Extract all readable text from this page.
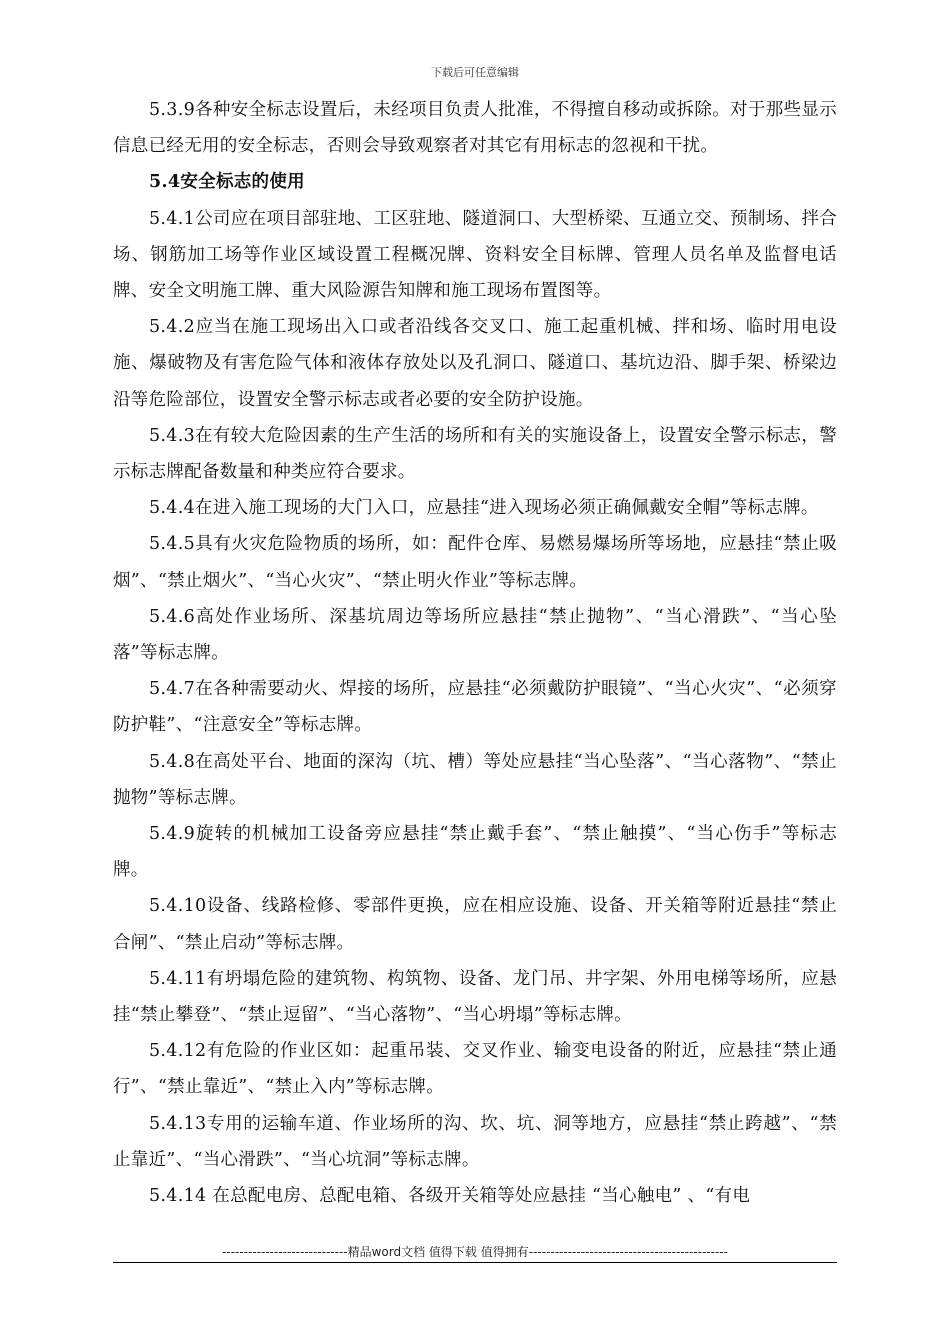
下载后可任意编辑

5.3.9各种安全标志设置后，未经项目负责人批准，不得擅自移动或拆除。对于那些显示信息已经无用的安全标志，否则会导致观察者对其它有用标志的忽视和干扰。

5.4安全标志的使用

5.4.1公司应在项目部驻地、工区驻地、隧道洞口、大型桥梁、互通立交、预制场、拌合场、钢筋加工场等作业区域设置工程概况牌、资料安全目标牌、管理人员名单及监督电话牌、安全文明施工牌、重大风险源告知牌和施工现场布置图等。

5.4.2应当在施工现场出入口或者沿线各交叉口、施工起重机械、拌和场、临时用电设施、爆破物及有害危险气体和液体存放处以及孔洞口、隧道口、基坑边沿、脚手架、桥梁边沿等危险部位，设置安全警示标志或者必要的安全防护设施。

5.4.3在有较大危险因素的生产生活的场所和有关的实施设备上，设置安全警示标志，警示标志牌配备数量和种类应符合要求。

5.4.4在进入施工现场的大门入口，应悬挂“进入现场必须正确佩戴安全帽”等标志牌。

5.4.5具有火灾危险物质的场所，如：配件仓库、易燃易爆场所等场地，应悬挂“禁止吸烟”、“禁止烟火”、“当心火灾”、“禁止明火作业”等标志牌。

5.4.6高处作业场所、深基坑周边等场所应悬挂“禁止抛物”、“当心滑跌”、“当心坠落”等标志牌。

5.4.7在各种需要动火、焊接的场所，应悬挂“必须戴防护眼镜”、“当心火灾”、“必须穿防护鞋”、“注意安全”等标志牌。

5.4.8在高处平台、地面的深沟（坑、槽）等处应悬挂“当心坠落”、“当心落物”、“禁止抛物”等标志牌。

5.4.9旋转的机械加工设备旁应悬挂“禁止戴手套”、“禁止触摸”、“当心伤手”等标志牌。

5.4.10设备、线路检修、零部件更换，应在相应设施、设备、开关箱等附近悬挂“禁止合闸”、“禁止启动”等标志牌。

5.4.11有坍塌危险的建筑物、构筑物、设备、龙门吊、井字架、外用电梯等场所，应悬挂“禁止攀登”、“禁止逗留”、“当心落物”、“当心坍塌”等标志牌。

5.4.12有危险的作业区如：起重吊装、交叉作业、输变电设备的附近，应悬挂“禁止通行”、“禁止靠近”、“禁止入内”等标志牌。

5.4.13专用的运输车道、作业场所的沟、坎、坑、洞等地方，应悬挂“禁止跨越”、“禁止靠近”、“当心滑跌”、“当心坑洞”等标志牌。

5.4.14 在总配电房、总配电箱、各级开关箱等处应悬挂 “当心触电” 、“有电

-----------------------------精品word文档 值得下载 值得拥有----------------------------------------------
